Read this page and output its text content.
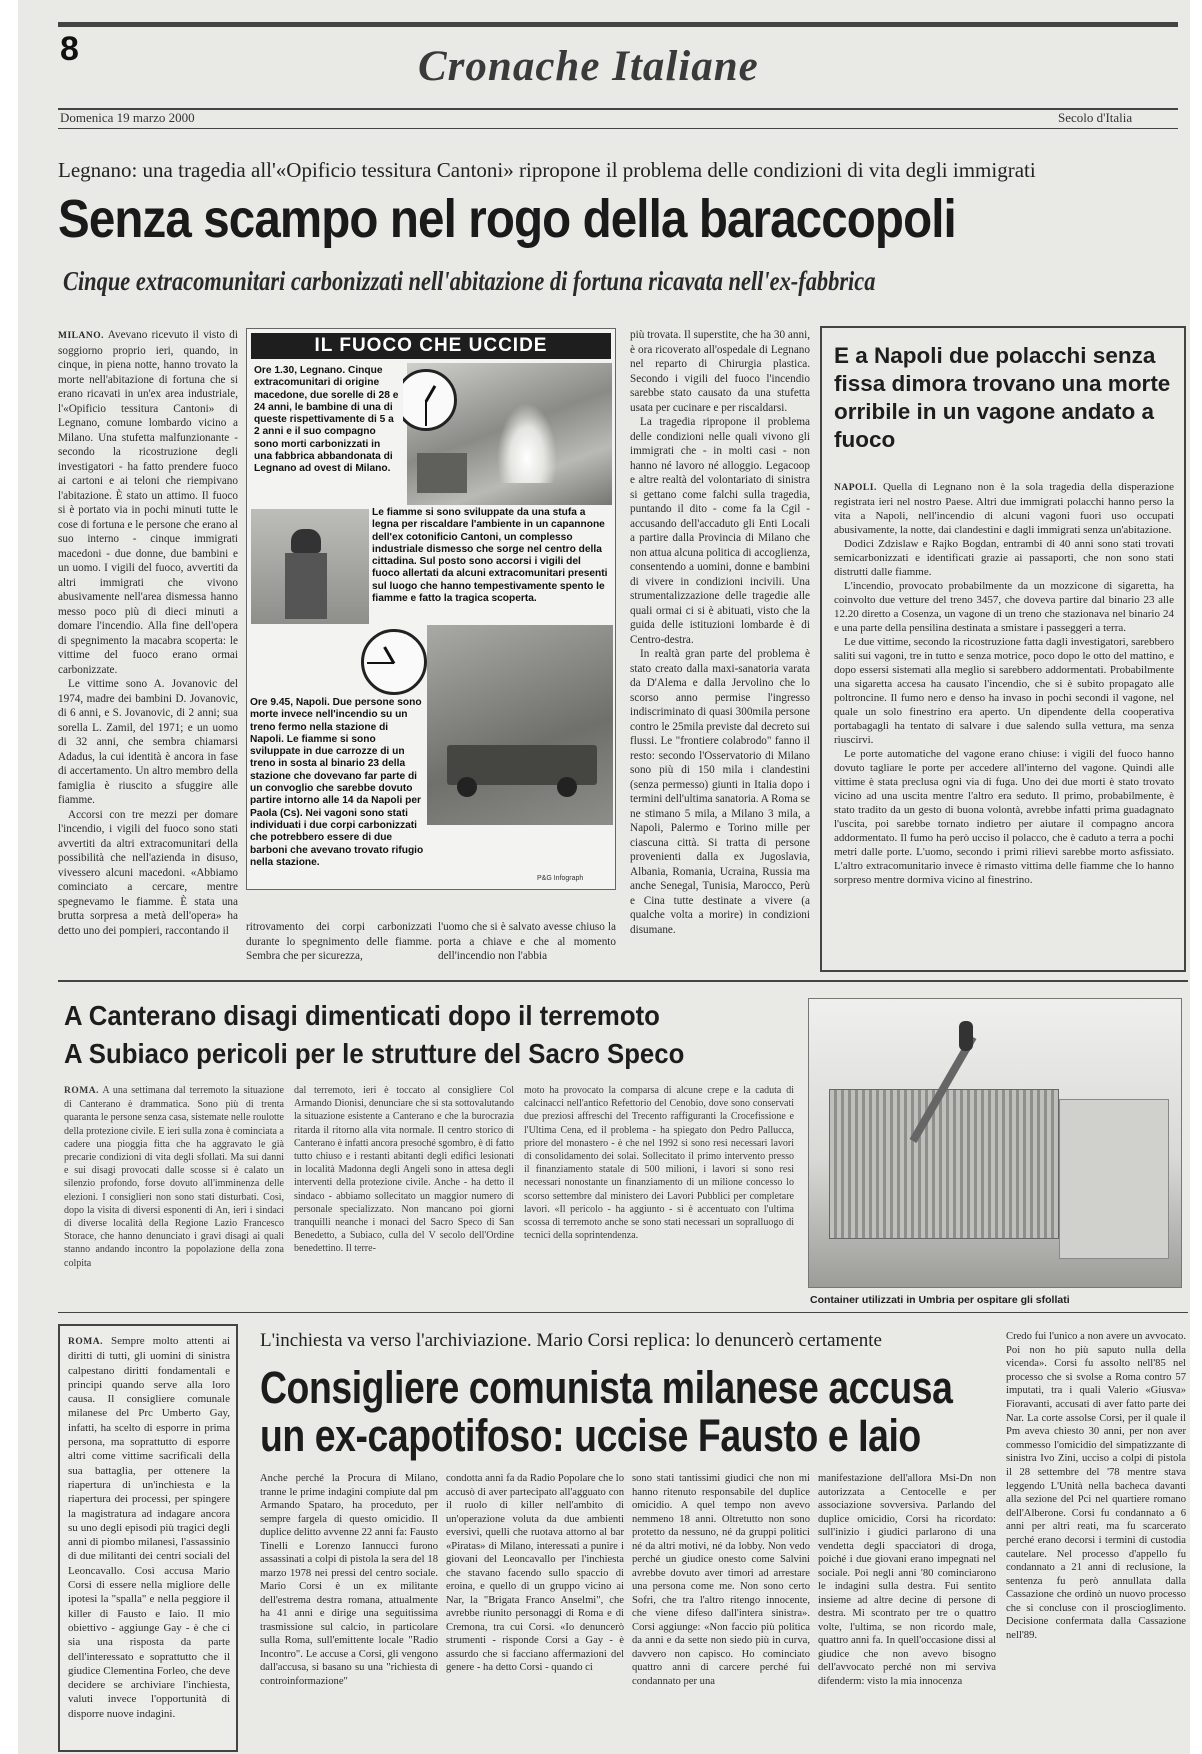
8	Cronache Italiane
Domenica 19 marzo 2000	Secolo d'Italia
Legnano: una tragedia all'«Opificio tessitura Cantoni» ripropone il problema delle condizioni di vita degli immigrati
Senza scampo nel rogo della baraccopoli
Cinque extracomunitari carbonizzati nell'abitazione di fortuna ricavata nell'ex-fabbrica

MILANO. Avevano ricevuto il visto di soggiorno proprio ieri, quando, in cinque, in piena notte, hanno trovato la morte nell'abitazione di fortuna che si erano ricavati in un'ex area industriale, l'«Opificio tessitura Cantoni» di Legnano, comune lombardo vicino a Milano. Una stufetta malfunzionante - secondo la ricostruzione degli investigatori - ha fatto prendere fuoco ai cartoni e ai teloni che riempivano l'abitazione. È stato un attimo. Il fuoco si è portato via in pochi minuti tutte le cose di fortuna e le persone che erano al suo interno - cinque immigrati macedoni - due donne, due bambini e un uomo. I vigili del fuoco, avvertiti da altri immigrati che vivono abusivamente nell'area dismessa hanno messo poco più di dieci minuti a domare l'incendio. Alla fine dell'opera di spegnimento la macabra scoperta: le vittime del fuoco erano ormai carbonizzate.

Le vittime sono A. Jovanovic del 1974, madre dei bambini D. Jovanovic, di 6 anni, e S. Jovanovic, di 2 anni; sua sorella L. Zamil, del 1971; e un uomo di 32 anni, che sembra chiamarsi Adadus, la cui identità è ancora in fase di accertamento. Un altro membro della famiglia è riuscito a sfuggire alle fiamme.

Accorsi con tre mezzi per domare l'incendio, i vigili del fuoco sono stati avvertiti da altri extracomunitari della possibilità che nell'azienda in disuso, vivessero alcuni macedoni. «Abbiamo cominciato a cercare, mentre spegnevamo le fiamme. È stata una brutta sorpresa a metà dell'opera» ha detto uno dei pompieri, raccontando il

IL FUOCO CHE UCCIDE
Ore 1.30, Legnano. Cinque extracomunitari di origine macedone, due sorelle di 28 e 24 anni, le bambine di una di queste rispettivamente di 5 a 2 anni e il suo compagno sono morti carbonizzati in una fabbrica abbandonata di Legnano ad ovest di Milano.
Le fiamme si sono sviluppate da una stufa a legna per riscaldare l'ambiente in un capannone dell'ex cotonificio Cantoni, un complesso industriale dismesso che sorge nel centro della cittadina. Sul posto sono accorsi i vigili del fuoco allertati da alcuni extracomunitari presenti sul luogo che hanno tempestivamente spento le fiamme e fatto la tragica scoperta.
Ore 9.45, Napoli. Due persone sono morte invece nell'incendio su un treno fermo nella stazione di Napoli. Le fiamme si sono sviluppate in due carrozze di un treno in sosta al binario 23 della stazione che dovevano far parte di un convoglio che sarebbe dovuto partire intorno alle 14 da Napoli per Paola (Cs). Nei vagoni sono stati individuati i due corpi carbonizzati che potrebbero essere di due barboni che avevano trovato rifugio nella stazione.
P&G Infograph
ritrovamento dei corpi carbonizzati durante lo spegnimento delle fiamme. Sembra che per sicurezza,
l'uomo che si è salvato avesse chiuso la porta a chiave e che al momento dell'incendio non l'abbia

più trovata. Il superstite, che ha 30 anni, è ora ricoverato all'ospedale di Legnano nel reparto di Chirurgia plastica. Secondo i vigili del fuoco l'incendio sarebbe stato causato da una stufetta usata per cucinare e per riscaldarsi.

La tragedia ripropone il problema delle condizioni nelle quali vivono gli immigrati che - in molti casi - non hanno né lavoro né alloggio. Legacoop e altre realtà del volontariato di sinistra si gettano come falchi sulla tragedia, puntando il dito - come fa la Cgil - accusando dell'accaduto gli Enti Locali a partire dalla Provincia di Milano che non attua alcuna politica di accoglienza, consentendo a uomini, donne e bambini di vivere in condizioni incivili. Una strumentalizzazione delle tragedie alle quali ormai ci si è abituati, visto che la guida delle istituzioni lombarde è di Centro-destra.

In realtà gran parte del problema è stato creato dalla maxi-sanatoria varata da D'Alema e dalla Jervolino che lo scorso anno permise l'ingresso indiscriminato di quasi 300mila persone contro le 25mila previste dal decreto sui flussi. Le "frontiere colabrodo" fanno il resto: secondo l'Osservatorio di Milano sono più di 150 mila i clandestini (senza permesso) giunti in Italia dopo i termini dell'ultima sanatoria. A Roma se ne stimano 5 mila, a Milano 3 mila, a Napoli, Palermo e Torino mille per ciascuna città. Si tratta di persone provenienti dalla ex Jugoslavia, Albania, Romania, Ucraina, Russia ma anche Senegal, Tunisia, Marocco, Perù e Cina tutte destinate a vivere (a qualche volta a morire) in condizioni disumane.

E a Napoli due polacchi senza fissa dimora trovano una morte orribile in un vagone andato a fuoco

NAPOLI. Quella di Legnano non è la sola tragedia della disperazione registrata ieri nel nostro Paese. Altri due immigrati polacchi hanno perso la vita a Napoli, nell'incendio di alcuni vagoni fuori uso occupati abusivamente, la notte, dai clandestini e dagli immigrati senza un'abitazione.

Dodici Zdzislaw e Rajko Bogdan, entrambi di 40 anni sono stati trovati semicarbonizzati e identificati grazie ai passaporti, che non sono stati distrutti dalle fiamme.

L'incendio, provocato probabilmente da un mozzicone di sigaretta, ha coinvolto due vetture del treno 3457, che doveva partire dal binario 23 alle 12.20 diretto a Cosenza, un vagone di un treno che stazionava nel binario 24 e una parte della pensilina destinata a smistare i passeggeri a terra.

Le due vittime, secondo la ricostruzione fatta dagli investigatori, sarebbero saliti sui vagoni, tre in tutto e senza motrice, poco dopo le otto del mattino, e dopo essersi sistemati alla meglio si sarebbero addormentati. Probabilmente una sigaretta accesa ha causato l'incendio, che si è subito propagato alle poltroncine. Il fumo nero e denso ha invaso in pochi secondi il vagone, nel quale un solo finestrino era aperto. Un dipendente della cooperativa portabagagli ha tentato di salvare i due salendo sulla vettura, ma senza riuscirvi.

Le porte automatiche del vagone erano chiuse: i vigili del fuoco hanno dovuto tagliare le porte per accedere all'interno del vagone. Quindi alle vittime è stata preclusa ogni via di fuga. Uno dei due morti è stato trovato vicino ad una uscita mentre l'altro era seduto. Il primo, probabilmente, è stato tradito da un gesto di buona volontà, avrebbe infatti prima guadagnato l'uscita, poi sarebbe tornato indietro per aiutare il compagno ancora addormentato. Il fumo ha però ucciso il polacco, che è caduto a terra a pochi metri dalle porte. L'uomo, secondo i primi rilievi sarebbe morto asfissiato. L'altro extracomunitario invece è rimasto vittima delle fiamme che lo hanno sorpreso mentre dormiva vicino al finestrino.

A Canterano disagi dimenticati dopo il terremoto
A Subiaco pericoli per le strutture del Sacro Speco

ROMA. A una settimana dal terremoto la situazione di Canterano è drammatica. Sono più di trenta quaranta le persone senza casa, sistemate nelle roulotte della protezione civile. E ieri sulla zona è cominciata a cadere una pioggia fitta che ha aggravato le già precarie condizioni di vita degli sfollati. Ma sui danni e sui disagi provocati dalle scosse si è calato un silenzio profondo, forse dovuto all'imminenza delle elezioni. I consiglieri non sono stati disturbati. Così, dopo la visita di diversi esponenti di An, ieri i sindaci di diverse località della Regione Lazio Francesco Storace, che hanno denunciato i gravi disagi ai quali stanno andando incontro la popolazione della zona colpita

dal terremoto, ieri è toccato al consigliere Col Armando Dionisi, denunciare che si sta sottovalutando la situazione esistente a Canterano e che la burocrazia ritarda il ritorno alla vita normale. Il centro storico di Canterano è infatti ancora presoché sgombro, è di fatto tutto chiuso e i restanti abitanti degli edifici lesionati in località Madonna degli Angeli sono in attesa degli interventi della protezione civile. Anche - ha detto il sindaco - abbiamo sollecitato un maggior numero di personale specializzato. Non mancano poi giorni tranquilli neanche i monaci del Sacro Speco di San Benedetto, a Subiaco, culla del V secolo dell'Ordine benedettino. Il terre-
moto ha provocato la comparsa di alcune crepe e la caduta di calcinacci nell'antico Refettorio del Cenobio, dove sono conservati due preziosi affreschi del Trecento raffiguranti la Crocefissione e l'Ultima Cena, ed il problema - ha spiegato don Pedro Pallucca, priore del monastero - è che nel 1992 si sono resi necessari lavori di consolidamento dei solai. Sollecitato il primo intervento presso il finanziamento statale di 500 milioni, i lavori si sono resi necessari nonostante un finanziamento di un milione concesso lo scorso settembre dal ministero dei Lavori Pubblici per completare lavori. «Il pericolo - ha aggiunto - si è accentuato con l'ultima scossa di terremoto anche se sono stati necessari un sopralluogo di tecnici della soprintendenza.
Container utilizzati in Umbria per ospitare gli sfollati

ROMA. Sempre molto attenti ai diritti di tutti, gli uomini di sinistra calpestano diritti fondamentali e principi quando serve alla loro causa. Il consigliere comunale milanese del Prc Umberto Gay, infatti, ha scelto di esporre in prima persona, ma soprattutto di esporre altri come vittime sacrificali della sua battaglia, per ottenere la riapertura di un'inchiesta e la riapertura dei processi, per spingere la magistratura ad indagare ancora su uno degli episodi più tragici degli anni di piombo milanesi, l'assassinio di due militanti dei centri sociali del Leoncavallo. Così accusa Mario Corsi di essere nella migliore delle ipotesi la "spalla" e nella peggiore il killer di Fausto e Iaio. Il mio obiettivo - aggiunge Gay - è che ci sia una risposta da parte dell'interessato e soprattutto che il giudice Clementina Forleo, che deve decidere se archiviare l'inchiesta, valuti invece l'opportunità di disporre nuove indagini.

L'inchiesta va verso l'archiviazione. Mario Corsi replica: lo denuncerò certamente
Consigliere comunista milanese accusa
un ex-capotifoso: uccise Fausto e Iaio
Anche perché la Procura di Milano, tranne le prime indagini compiute dal pm Armando Spataro, ha proceduto, per sempre fargela di questo omicidio. Il duplice delitto avvenne 22 anni fa: Fausto Tinelli e Lorenzo Iannucci furono assassinati a colpi di pistola la sera del 18 marzo 1978 nei pressi del centro sociale. Mario Corsi è un ex militante dell'estrema destra romana, attualmente ha 41 anni e dirige una seguitissima trasmissione sul calcio, in particolare sulla Roma, sull'emittente locale "Radio Incontro". Le accuse a Corsi, gli vengono dall'accusa, si basano su una "richiesta di controinformazione"
condotta anni fa da Radio Popolare che lo accusò di aver partecipato all'agguato con il ruolo di killer nell'ambito di un'operazione voluta da due ambienti eversivi, quelli che ruotava attorno al bar «Piratas» di Milano, interessati a punire i giovani del Leoncavallo per l'inchiesta che stavano facendo sullo spaccio di eroina, e quello di un gruppo vicino ai Nar, la "Brigata Franco Anselmi", che avrebbe riunito personaggi di Roma e di Cremona, tra cui Corsi. «Io denuncerò strumenti - risponde Corsi a Gay - è assurdo che si facciano affermazioni del genere - ha detto Corsi - quando ci
sono stati tantissimi giudici che non mi hanno ritenuto responsabile del duplice omicidio. A quel tempo non avevo nemmeno 18 anni. Oltretutto non sono protetto da nessuno, né da gruppi politici né da altri motivi, né da lobby. Non vedo perché un giudice onesto come Salvini avrebbe dovuto aver timori ad arrestare una persona come me. Non sono certo Sofri, che tra l'altro ritengo innocente, che viene difeso dall'intera sinistra». Corsi aggiunge: «Non faccio più politica da anni e da sette non siedo più in curva, davvero non capisco. Ho cominciato quattro anni di carcere perché fui condannato per una
manifestazione dell'allora Msi-Dn non autorizzata a Centocelle e per associazione sovversiva. Parlando del duplice omicidio, Corsi ha ricordato: sull'inizio i giudici parlarono di una vendetta degli spacciatori di droga, poiché i due giovani erano impegnati nel sociale. Poi negli anni '80 cominciarono le indagini sulla destra. Fui sentito insieme ad altre decine di persone di destra. Mi scontrato per tre o quattro volte, l'ultima, se non ricordo male, quattro anni fa. In quell'occasione dissi al giudice che non avevo bisogno dell'avvocato perché non mi serviva difenderm: visto la mia innocenza
Credo fui l'unico a non avere un avvocato. Poi non ho più saputo nulla della vicenda». Corsi fu assolto nell'85 nel processo che si svolse a Roma contro 57 imputati, tra i quali Valerio «Giusva» Fioravanti, accusati di aver fatto parte dei Nar. La corte assolse Corsi, per il quale il Pm aveva chiesto 30 anni, per non aver commesso l'omicidio del simpatizzante di sinistra Ivo Zini, ucciso a colpi di pistola il 28 settembre del '78 mentre stava leggendo L'Unità nella bacheca davanti alla sezione del Pci nel quartiere romano dell'Alberone. Corsi fu condannato a 6 anni per altri reati, ma fu scarcerato perché erano decorsi i termini di custodia cautelare. Nel processo d'appello fu condannato a 21 anni di reclusione, la sentenza fu però annullata dalla Cassazione che ordinò un nuovo processo che si concluse con il proscioglimento. Decisione confermata dalla Cassazione nell'89.
